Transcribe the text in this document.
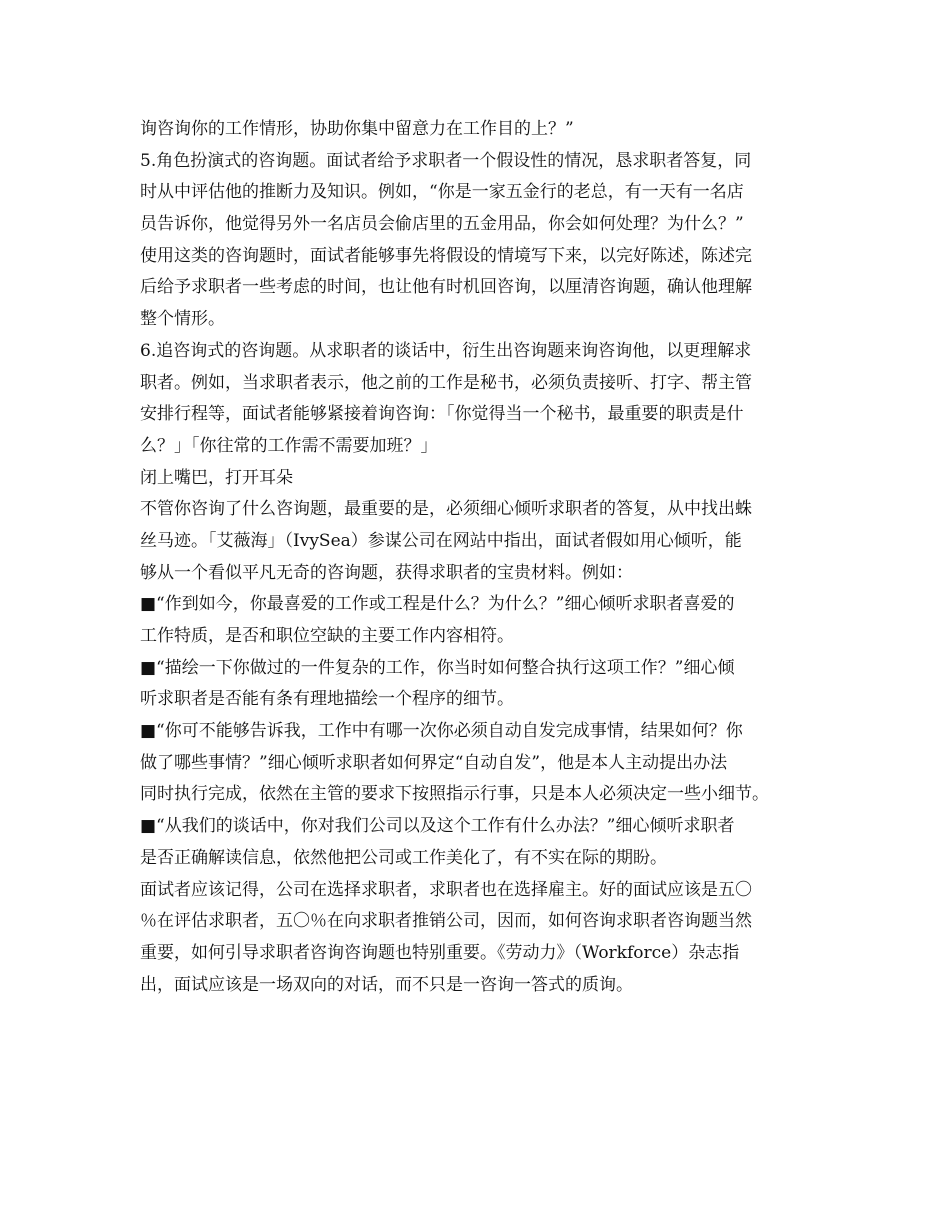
询咨询你的工作情形，协助你集中留意力在工作目的上？”
5.角色扮演式的咨询题。面试者给予求职者一个假设性的情况，恳求职者答复，同
时从中评估他的推断力及知识。例如，“你是一家五金行的老总，有一天有一名店
员告诉你，他觉得另外一名店员会偷店里的五金用品，你会如何处理？为什么？”
使用这类的咨询题时，面试者能够事先将假设的情境写下来，以完好陈述，陈述完
后给予求职者一些考虑的时间，也让他有时机回咨询，以厘清咨询题，确认他理解
整个情形。
6.追咨询式的咨询题。从求职者的谈话中，衍生出咨询题来询咨询他，以更理解求
职者。例如，当求职者表示，他之前的工作是秘书，必须负责接听、打字、帮主管
安排行程等，面试者能够紧接着询咨询：「你觉得当一个秘书，最重要的职责是什
么？」「你往常的工作需不需要加班？」
闭上嘴巴，打开耳朵
不管你咨询了什么咨询题，最重要的是，必须细心倾听求职者的答复，从中找出蛛
丝马迹。「艾薇海」（IvySea）参谋公司在网站中指出，面试者假如用心倾听，能
够从一个看似平凡无奇的咨询题，获得求职者的宝贵材料。例如：
■“作到如今，你最喜爱的工作或工程是什么？为什么？”细心倾听求职者喜爱的
工作特质，是否和职位空缺的主要工作内容相符。
■“描绘一下你做过的一件复杂的工作，你当时如何整合执行这项工作？”细心倾
听求职者是否能有条有理地描绘一个程序的细节。
■“你可不能够告诉我，工作中有哪一次你必须自动自发完成事情，结果如何？你
做了哪些事情？”细心倾听求职者如何界定“自动自发”，他是本人主动提出办法
同时执行完成，依然在主管的要求下按照指示行事，只是本人必须决定一些小细节。
■“从我们的谈话中，你对我们公司以及这个工作有什么办法？”细心倾听求职者
是否正确解读信息，依然他把公司或工作美化了，有不实在际的期盼。
面试者应该记得，公司在选择求职者，求职者也在选择雇主。好的面试应该是五〇
％在评估求职者，五〇％在向求职者推销公司，因而，如何咨询求职者咨询题当然
重要，如何引导求职者咨询咨询题也特别重要。《劳动力》（Workforce）杂志指
出，面试应该是一场双向的对话，而不只是一咨询一答式的质询。
